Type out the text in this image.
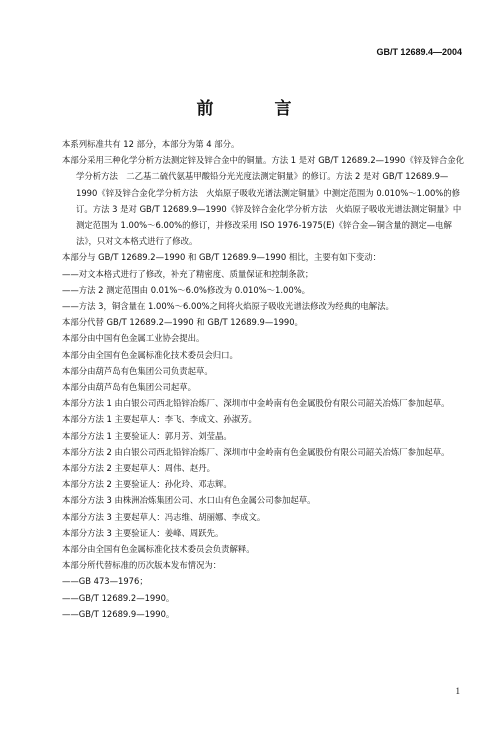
GB/T 12689.4—2004
前　言
本系列标准共有 12 部分，本部分为第 4 部分。
本部分采用三种化学分析方法测定锌及锌合金中的铜量。方法 1 是对 GB/T 12689.2—1990《锌及锌合金化学分析方法　二乙基二硫代氨基甲酸铅分光光度法测定铜量》的修订。方法 2 是对 GB/T 12689.9—1990《锌及锌合金化学分析方法　火焰原子吸收光谱法测定铜量》中测定范围为 0.010%～1.00%的修订。方法 3 是对 GB/T 12689.9—1990《锌及锌合金化学分析方法　火焰原子吸收光谱法测定铜量》中测定范围为 1.00%～6.00%的修订，并修改采用 ISO 1976-1975(E)《锌合金—铜含量的测定—电解法》，只对文本格式进行了修改。
本部分与 GB/T 12689.2—1990 和 GB/T 12689.9—1990 相比，主要有如下变动：
——对文本格式进行了修改，补充了精密度、质量保证和控制条款；
——方法 2 测定范围由 0.01%～6.0%修改为 0.010%～1.00%。
——方法 3，铜含量在 1.00%～6.00%之间将火焰原子吸收光谱法修改为经典的电解法。
本部分代替 GB/T 12689.2—1990 和 GB/T 12689.9—1990。
本部分由中国有色金属工业协会提出。
本部分由全国有色金属标准化技术委员会归口。
本部分由葫芦岛有色集团公司负责起草。
本部分由葫芦岛有色集团公司起草。
本部分方法 1 由白银公司西北铅锌冶炼厂、深圳市中金岭南有色金属股份有限公司韶关冶炼厂参加起草。
本部分方法 1 主要起草人：李飞、李成文、孙淑芳。
本部分方法 1 主要验证人：郭月芳、刘莹晶。
本部分方法 2 由白银公司西北铅锌冶炼厂、深圳市中金岭南有色金属股份有限公司韶关冶炼厂参加起草。
本部分方法 2 主要起草人：周伟、赵丹。
本部分方法 2 主要验证人：孙化玲、邓志辉。
本部分方法 3 由株洲冶炼集团公司、水口山有色金属公司参加起草。
本部分方法 3 主要起草人：冯志维、胡丽娜、李成文。
本部分方法 3 主要验证人：姜峰、周跃先。
本部分由全国有色金属标准化技术委员会负责解释。
本部分所代替标准的历次版本发布情况为：
——GB 473—1976；
——GB/T 12689.2—1990。
——GB/T 12689.9—1990。
1
